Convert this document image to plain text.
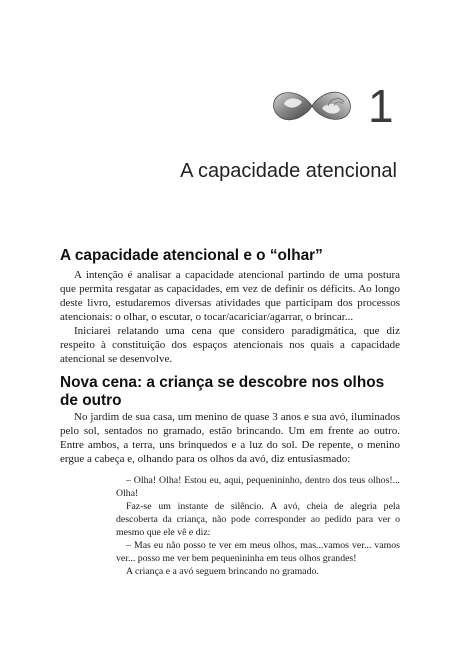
1
A capacidade atencional
A capacidade atencional e o “olhar”

A intenção é analisar a capacidade atencional partindo de uma postura que permita resgatar as capacidades, em vez de definir os déficits. Ao longo deste livro, estudaremos diversas atividades que participam dos processos atencionais: o olhar, o escutar, o tocar/acariciar/agarrar, o brincar...

Iniciarei relatando uma cena que considero paradigmática, que diz respeito à constituição dos espaços atencionais nos quais a capacidade atencional se desenvolve.

Nova cena: a criança se descobre nos olhos de outro

No jardim de sua casa, um menino de quase 3 anos e sua avó, iluminados pelo sol, sentados no gramado, estão brincando. Um em frente ao outro. Entre ambos, a terra, uns brinquedos e a luz do sol. De repente, o menino ergue a cabeça e, olhando para os olhos da avó, diz entusiasmado:

– Olha! Olha! Estou eu, aqui, pequenininho, dentro dos teus olhos!... Olha!

Faz-se um instante de silêncio. A avó, cheia de alegria pela descoberta da criança, não pode corresponder ao pedido para ver o mesmo que ele vê e diz:

– Mas eu não posso te ver em meus olhos, mas...vamos ver... vamos ver... posso me ver bem pequenininha em teus olhos grandes!

A criança e a avó seguem brincando no gramado.
